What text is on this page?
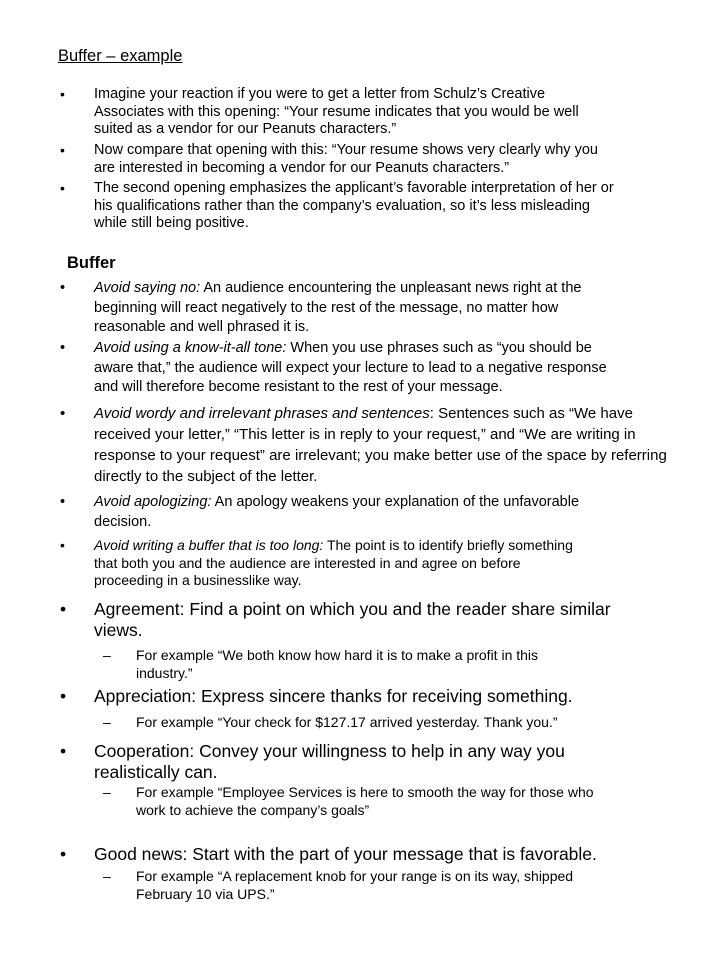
Buffer – example
• Imagine your reaction if you were to get a letter from Schulz’s Creative
Associates with this opening: “Your resume indicates that you would be well
suited as a vendor for our Peanuts characters.”
• Now compare that opening with this: “Your resume shows very clearly why you
are interested in becoming a vendor for our Peanuts characters.”
• The second opening emphasizes the applicant’s favorable interpretation of her or
his qualifications rather than the company’s evaluation, so it’s less misleading
while still being positive.
Buffer
• Avoid saying no: An audience encountering the unpleasant news right at the
beginning will react negatively to the rest of the message, no matter how
reasonable and well phrased it is.
• Avoid using a know-it-all tone: When you use phrases such as “you should be
aware that,” the audience will expect your lecture to lead to a negative response
and will therefore become resistant to the rest of your message.
• Avoid wordy and irrelevant phrases and sentences: Sentences such as “We have
received your letter,” “This letter is in reply to your request,” and “We are writing in
response to your request” are irrelevant; you make better use of the space by referring
directly to the subject of the letter.
• Avoid apologizing: An apology weakens your explanation of the unfavorable
decision.
• Avoid writing a buffer that is too long: The point is to identify briefly something
that both you and the audience are interested in and agree on before
proceeding in a businesslike way.
• Agreement: Find a point on which you and the reader share similar
views.
– For example “We both know how hard it is to make a profit in this
industry.”
• Appreciation: Express sincere thanks for receiving something.
– For example “Your check for $127.17 arrived yesterday. Thank you.”
• Cooperation: Convey your willingness to help in any way you
realistically can.
– For example “Employee Services is here to smooth the way for those who
work to achieve the company’s goals”
• Good news: Start with the part of your message that is favorable.
– For example “A replacement knob for your range is on its way, shipped
February 10 via UPS.”
